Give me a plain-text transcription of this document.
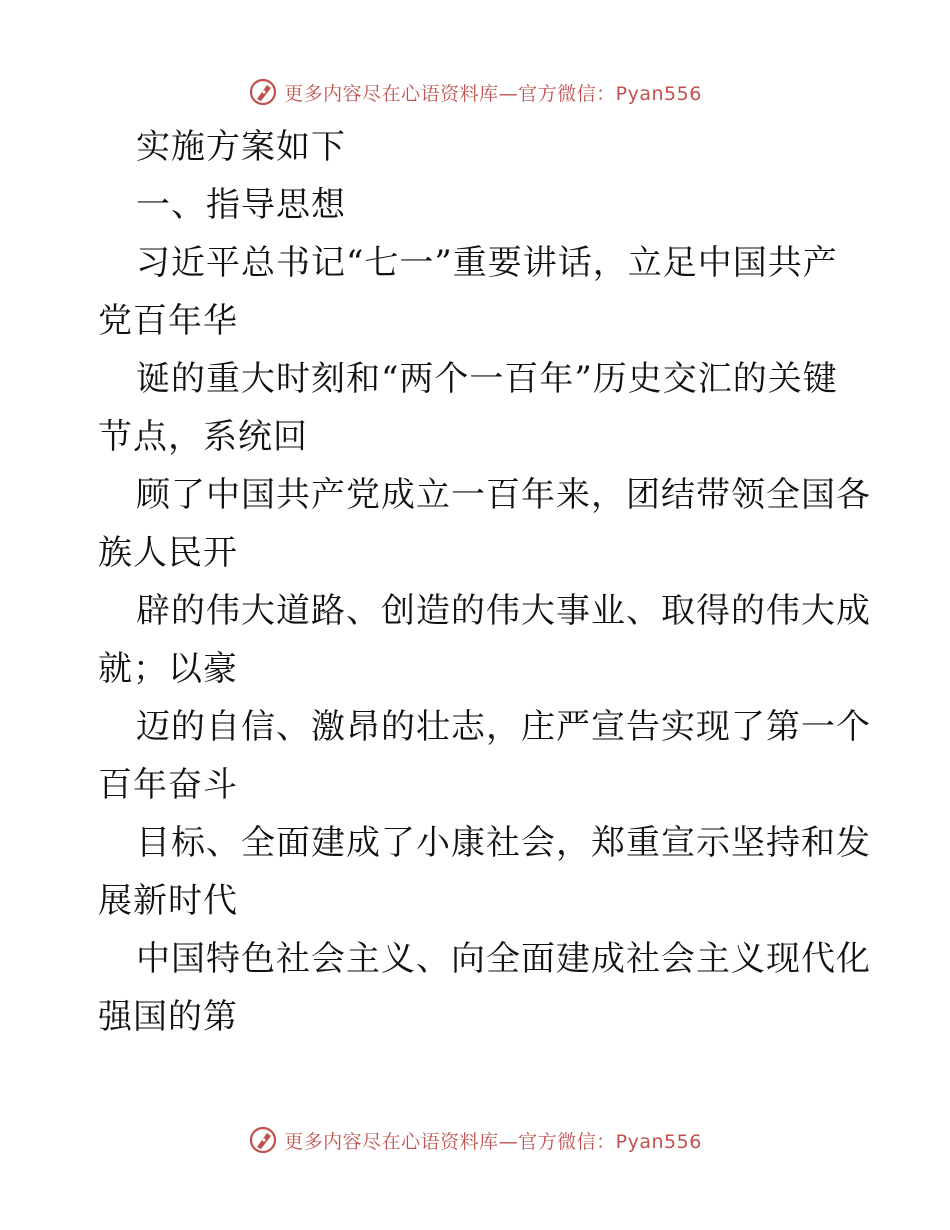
更多内容尽在心语资料库—官方微信：Pyan556

实施方案如下

一、指导思想

习近平总书记“七一”重要讲话，立足中国共产
党百年华

诞的重大时刻和“两个一百年”历史交汇的关键
节点，系统回

顾了中国共产党成立一百年来，团结带领全国各
族人民开

辟的伟大道路、创造的伟大事业、取得的伟大成
就；以豪

迈的自信、激昂的壮志，庄严宣告实现了第一个
百年奋斗

目标、全面建成了小康社会，郑重宣示坚持和发
展新时代

中国特色社会主义、向全面建成社会主义现代化
强国的第

更多内容尽在心语资料库—官方微信：Pyan556
